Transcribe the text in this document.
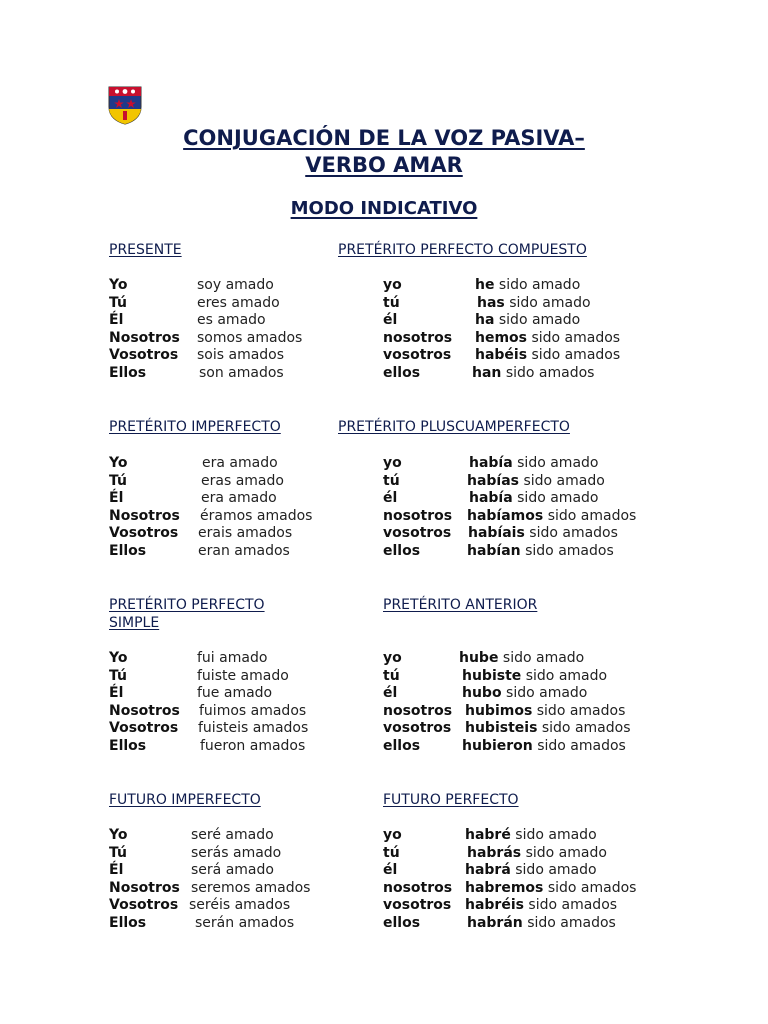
CONJUGACIÓN DE LA VOZ PASIVA–
VERBO AMAR
MODO INDICATIVO
PRESENTE	PRETÉRITO PERFECTO COMPUESTO
PRETÉRITO IMPERFECTO	PRETÉRITO PLUSCUAMPERFECTO
PRETÉRITO PERFECTO
SIMPLE
PRETÉRITO ANTERIOR
FUTURO IMPERFECTO	FUTURO PERFECTO
Yo	soy amado
Tú	eres amado
Él	es amado
Nosotros somos amados
Vosotros sois amados
Ellos	son amados
yo	he sido amado
tú	has sido amado
él	ha sido amado
nosotros hemos sido amados
vosotros habéis sido amados
ellos	han sido amados
Yo	era amado
Tú	eras amado
Él	era amado
Nosotros éramos amados
Vosotros erais amados
Ellos	eran amados
yo	había sido amado
tú	habías sido amado
él	había sido amado
nosotros habíamos sido amados
vosotros habíais sido amados
ellos	habían sido amados
Yo	fui amado
Tú	fuiste amado
Él	fue amado
Nosotros fuimos amados
Vosotros fuisteis amados
Ellos	fueron amados
yo	hube sido amado
tú	hubiste sido amado
él	hubo sido amado
nosotros hubimos sido amados
vosotros hubisteis sido amados
ellos	hubieron sido amados
Yo	seré amado
Tú	serás amado
Él	será amado
Nosotros seremos amados
Vosotros seréis amados
Ellos	serán amados
yo	habré sido amado
tú	habrás sido amado
él	habrá sido amado
nosotros habremos sido amados
vosotros habréis sido amados
ellos	habrán sido amados
